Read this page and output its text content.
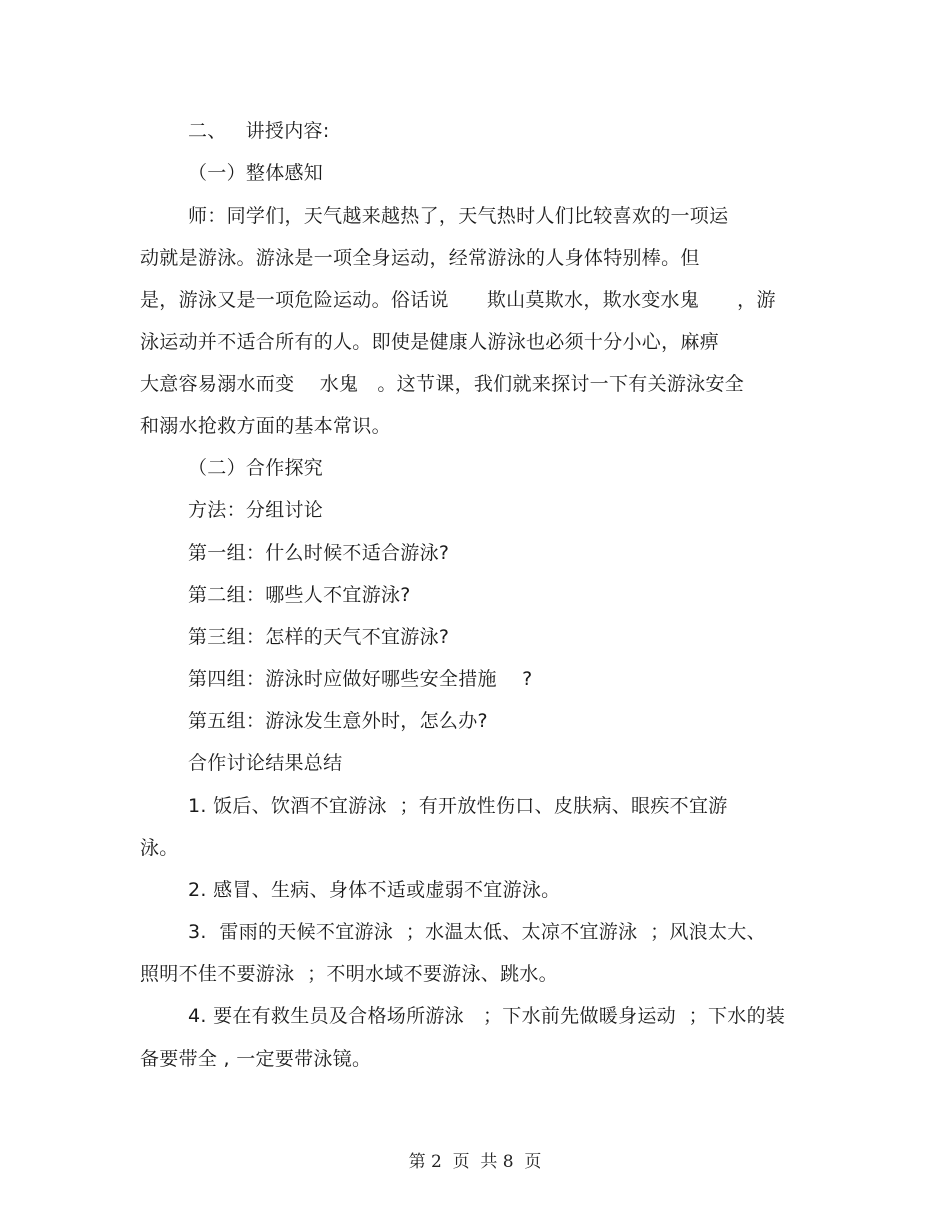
二、   讲授内容:
（一）整体感知
师：同学们，天气越来越热了，天气热时人们比较喜欢的一项运
动就是游泳。游泳是一项全身运动，经常游泳的人身体特别棒。但
是，游泳又是一项危险运动。俗话说      欺山莫欺水，欺水变水鬼      ，游
泳运动并不适合所有的人。即使是健康人游泳也必须十分小心，麻痹
大意容易溺水而变    水鬼   。这节课，我们就来探讨一下有关游泳安全
和溺水抢救方面的基本常识。
（二）合作探究
方法：分组讨论
第一组：什么时候不适合游泳?
第二组：哪些人不宜游泳?
第三组：怎样的天气不宜游泳?
第四组：游泳时应做好哪些安全措施    ?
第五组：游泳发生意外时，怎么办?
合作讨论结果总结
1. 饭后、饮酒不宜游泳  ；有开放性伤口、皮肤病、眼疾不宜游
泳。
2. 感冒、生病、身体不适或虚弱不宜游泳。
3.  雷雨的天候不宜游泳  ；水温太低、太凉不宜游泳  ；风浪太大、
照明不佳不要游泳  ；不明水域不要游泳、跳水。
4. 要在有救生员及合格场所游泳   ；下水前先做暖身运动  ；下水的装
备要带全 , 一定要带泳镜。
第 2  页  共 8  页
